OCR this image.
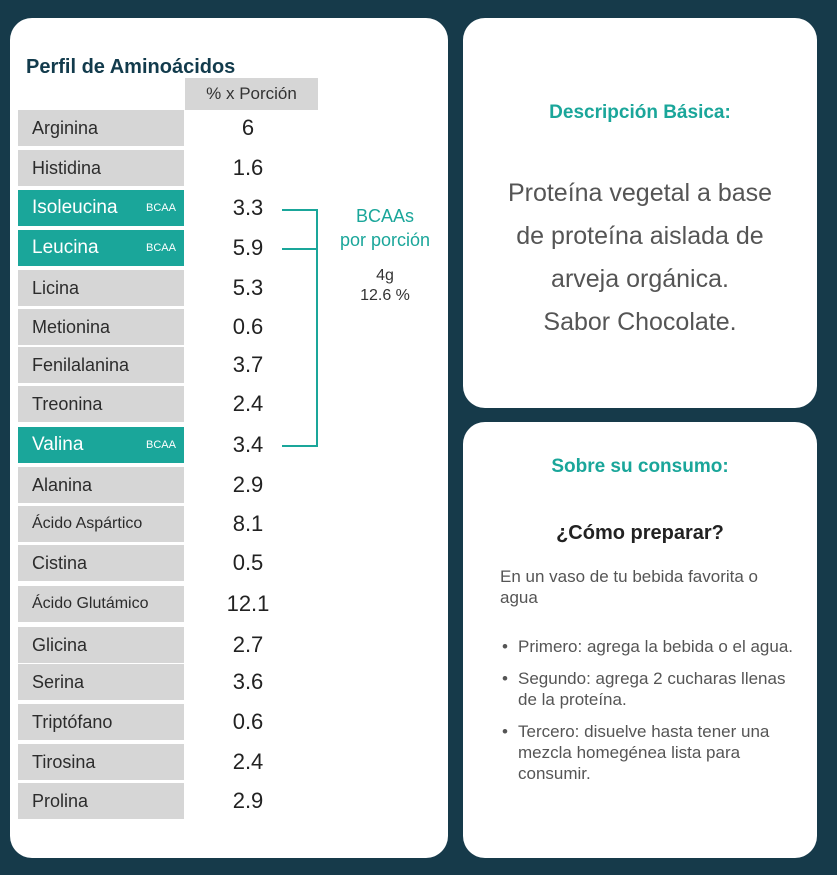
Perfil de Aminoácidos
% x Porción
Arginina	6
Histidina	1.6
Isoleucina	BCAA	3.3
Leucina	BCAA	5.9
Licina	5.3
Metionina	0.6
Fenilalanina	3.7
Treonina	2.4
Valina	BCAA	3.4
Alanina	2.9
Ácido Aspártico	8.1
Cistina	0.5
Ácido Glutámico	12.1
Glicina	2.7
Serina	3.6
Triptófano	0.6
Tirosina	2.4
Prolina	2.9
BCAAs
por porción
4g
12.6 %
Descripción Básica:
Proteína vegetal a base
de proteína aislada de
arveja orgánica.
Sabor Chocolate.
Sobre su consumo:
¿Cómo preparar?
En un vaso de tu bebida favorita o agua
• Primero: agrega la bebida o el agua.
• Segundo: agrega 2 cucharas llenas de la proteína.
• Tercero: disuelve hasta tener una mezcla homegénea lista para consumir.
